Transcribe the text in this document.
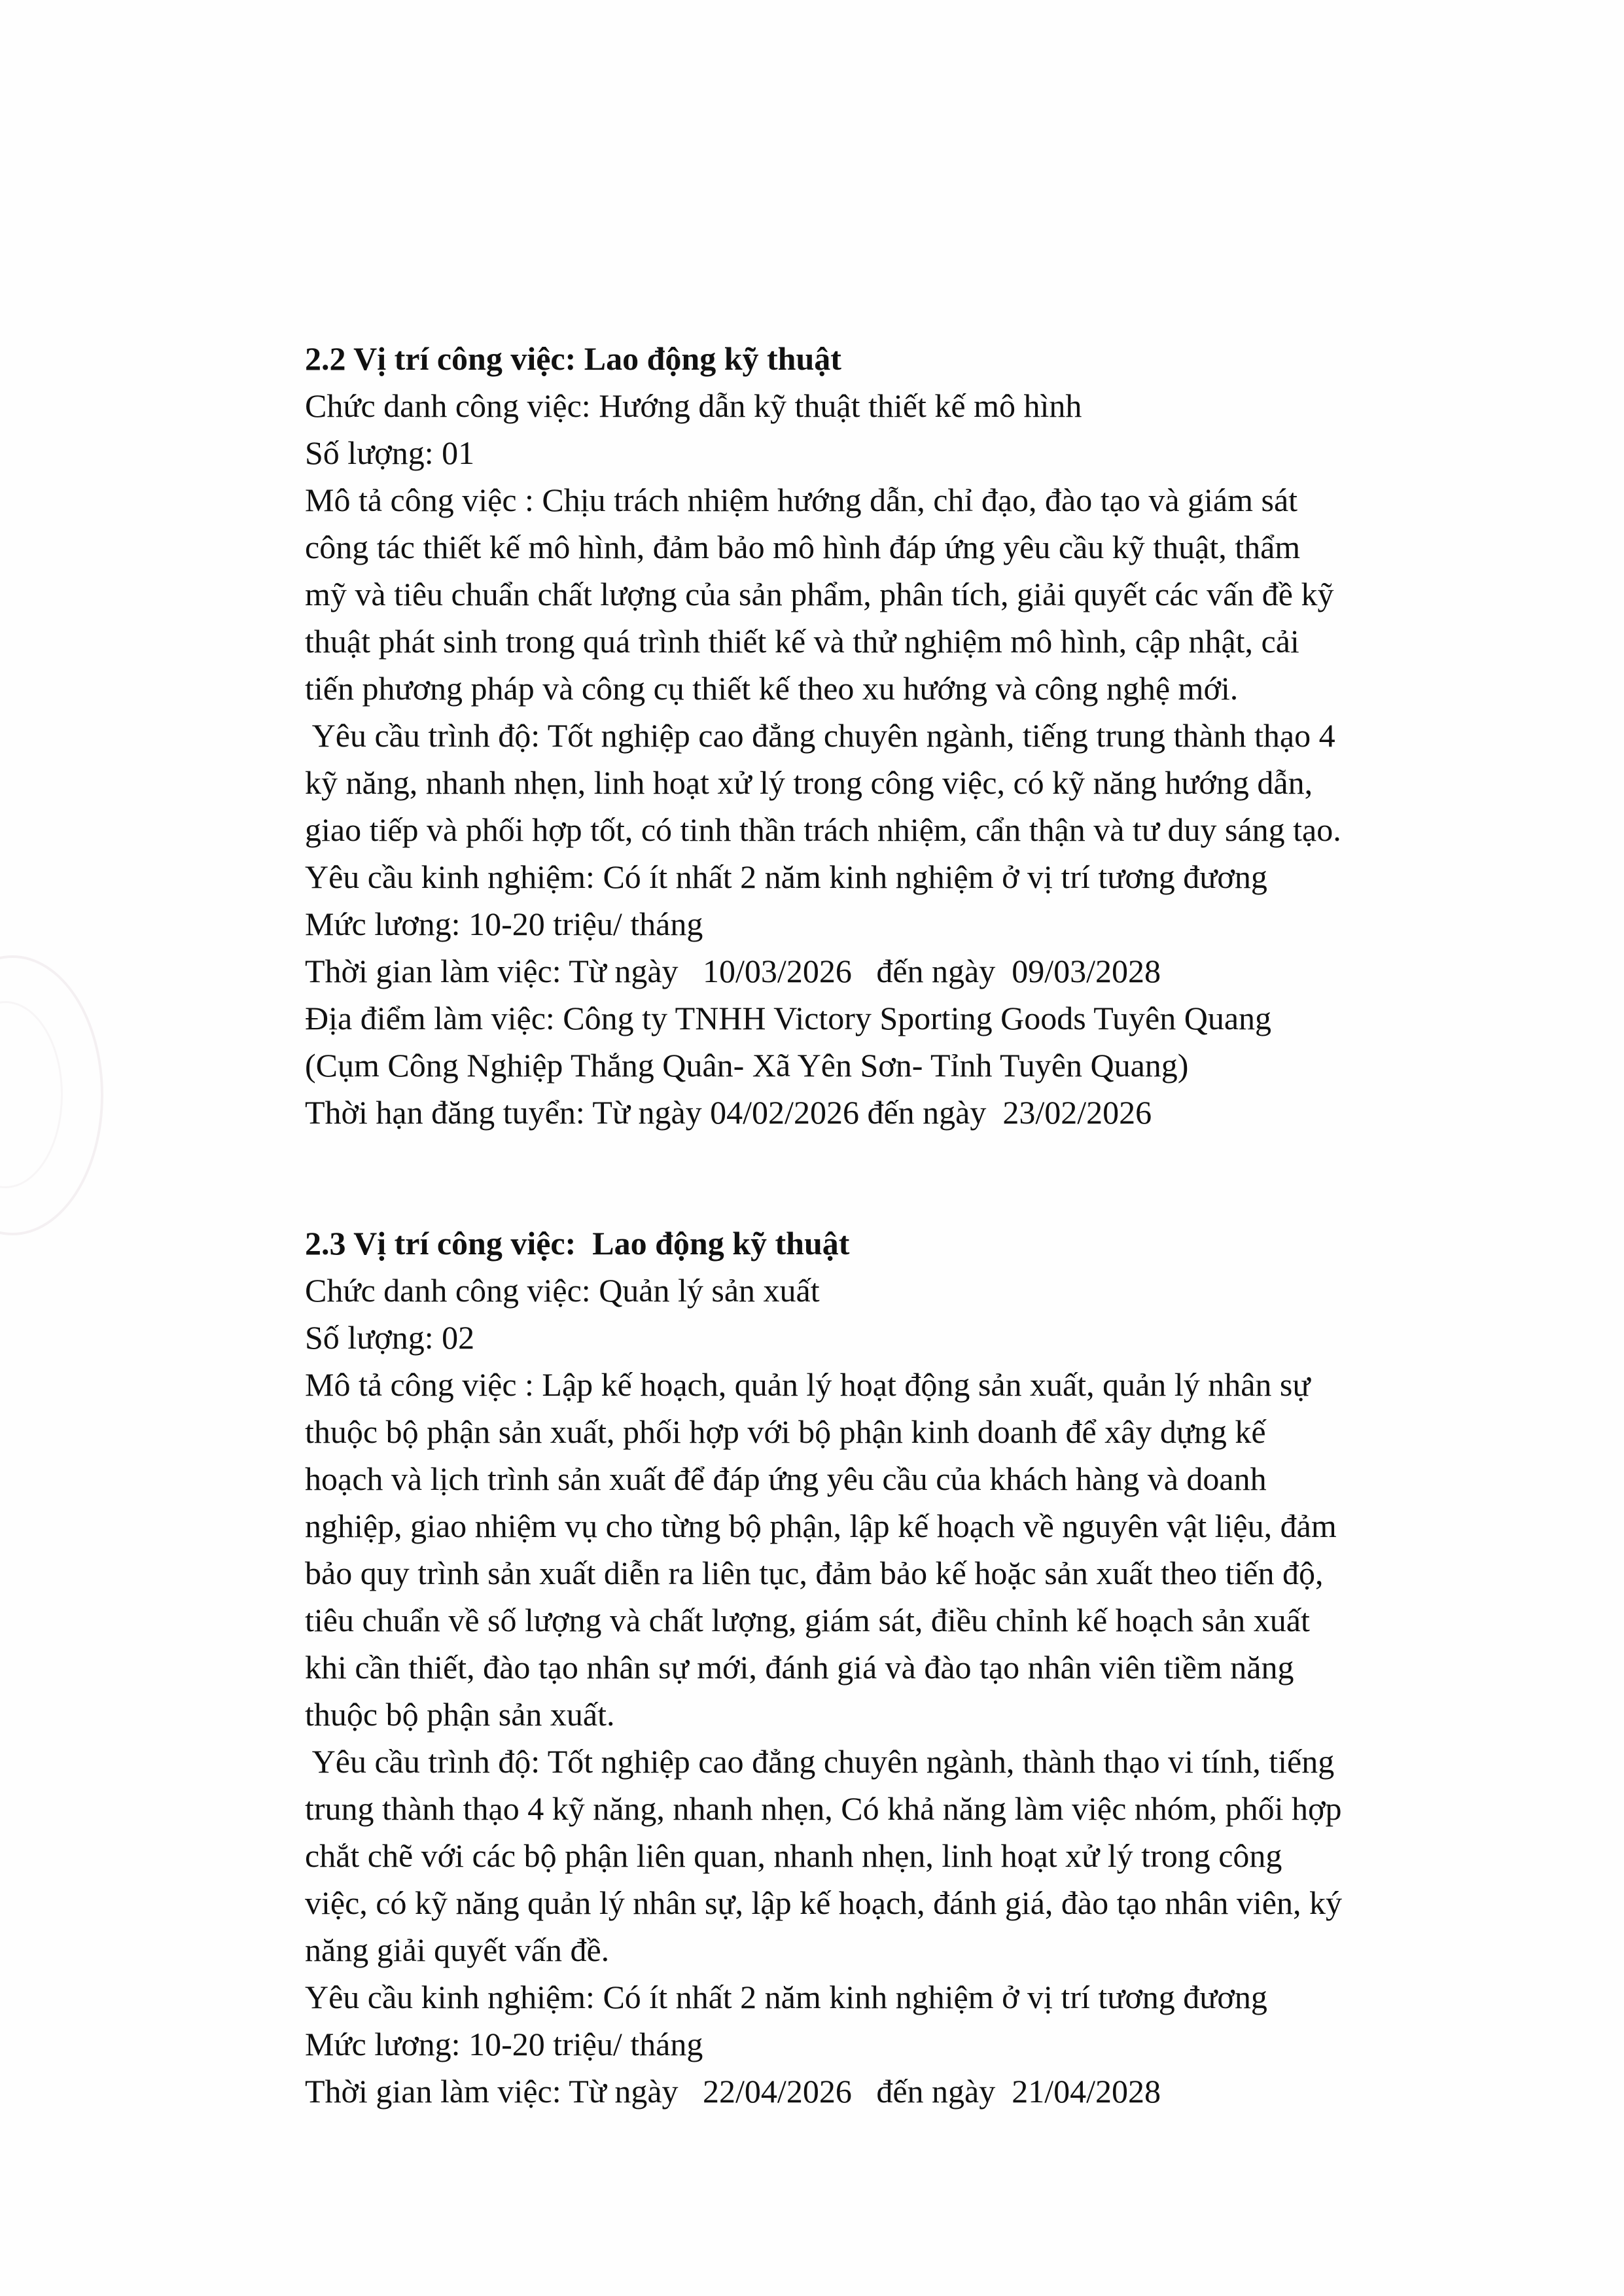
2.2 Vị trí công việc: Lao động kỹ thuật
Chức danh công việc: Hướng dẫn kỹ thuật thiết kế mô hình
Số lượng: 01
Mô tả công việc : Chịu trách nhiệm hướng dẫn, chỉ đạo, đào tạo và giám sát
công tác thiết kế mô hình, đảm bảo mô hình đáp ứng yêu cầu kỹ thuật, thẩm
mỹ và tiêu chuẩn chất lượng của sản phẩm, phân tích, giải quyết các vấn đề kỹ
thuật phát sinh trong quá trình thiết kế và thử nghiệm mô hình, cập nhật, cải
tiến phương pháp và công cụ thiết kế theo xu hướng và công nghệ mới.
Yêu cầu trình độ: Tốt nghiệp cao đẳng chuyên ngành, tiếng trung thành thạo 4
kỹ năng, nhanh nhẹn, linh hoạt xử lý trong công việc, có kỹ năng hướng dẫn,
giao tiếp và phối hợp tốt, có tinh thần trách nhiệm, cẩn thận và tư duy sáng tạo.
Yêu cầu kinh nghiệm: Có ít nhất 2 năm kinh nghiệm ở vị trí tương đương
Mức lương: 10-20 triệu/ tháng
Thời gian làm việc: Từ ngày   10/03/2026   đến ngày  09/03/2028
Địa điểm làm việc: Công ty TNHH Victory Sporting Goods Tuyên Quang
(Cụm Công Nghiệp Thắng Quân- Xã Yên Sơn- Tỉnh Tuyên Quang)
Thời hạn đăng tuyển: Từ ngày 04/02/2026 đến ngày  23/02/2026
2.3 Vị trí công việc:  Lao động kỹ thuật
Chức danh công việc: Quản lý sản xuất
Số lượng: 02
Mô tả công việc : Lập kế hoạch, quản lý hoạt động sản xuất, quản lý nhân sự
thuộc bộ phận sản xuất, phối hợp với bộ phận kinh doanh để xây dựng kế
hoạch và lịch trình sản xuất để đáp ứng yêu cầu của khách hàng và doanh
nghiệp, giao nhiệm vụ cho từng bộ phận, lập kế hoạch về nguyên vật liệu, đảm
bảo quy trình sản xuất diễn ra liên tục, đảm bảo kế hoặc sản xuất theo tiến độ,
tiêu chuẩn về số lượng và chất lượng, giám sát, điều chỉnh kế hoạch sản xuất
khi cần thiết, đào tạo nhân sự mới, đánh giá và đào tạo nhân viên tiềm năng
thuộc bộ phận sản xuất.
Yêu cầu trình độ: Tốt nghiệp cao đẳng chuyên ngành, thành thạo vi tính, tiếng
trung thành thạo 4 kỹ năng, nhanh nhẹn, Có khả năng làm việc nhóm, phối hợp
chắt chẽ với các bộ phận liên quan, nhanh nhẹn, linh hoạt xử lý trong công
việc, có kỹ năng quản lý nhân sự, lập kế hoạch, đánh giá, đào tạo nhân viên, ký
năng giải quyết vấn đề.
Yêu cầu kinh nghiệm: Có ít nhất 2 năm kinh nghiệm ở vị trí tương đương
Mức lương: 10-20 triệu/ tháng
Thời gian làm việc: Từ ngày   22/04/2026   đến ngày  21/04/2028
